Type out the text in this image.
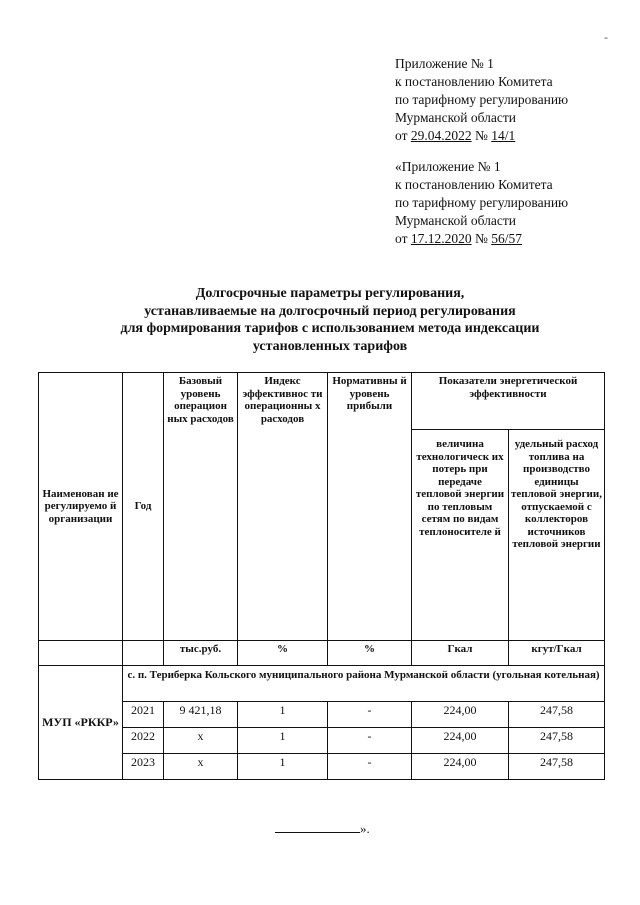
-
Приложение № 1
к постановлению Комитета
по тарифному регулированию
Мурманской области
от 29.04.2022 № 14/1
«Приложение № 1
к постановлению Комитета
по тарифному регулированию
Мурманской области
от 17.12.2020 № 56/57
Долгосрочные параметры регулирования,
устанавливаемые на долгосрочный период регулирования
для формирования тарифов с использованием метода индексации
установленных тарифов
Наименован ие регулируемо й организации	Год	Базовый уровень операцион ных расходов	Индекс эффективнос ти операционны х расходов	Нормативны й уровень прибыли	Показатели энергетической эффективности	
					величина технологическ их потерь при передаче тепловой энергии по тепловым сетям по видам теплоносителе й	удельный расход топлива на производство единицы тепловой энергии, отпускаемой с коллекторов источников тепловой энергии
		тыс.руб.	%	%	Гкал	кгут/Гкал
МУП «РККР»	с. п. Териберка Кольского муниципального района Мурманской области (угольная котельная)					
	2021	9 421,18	1	-	224,00	247,58
	2022	х	1	-	224,00	247,58
	2023	х	1	-	224,00	247,58
».
